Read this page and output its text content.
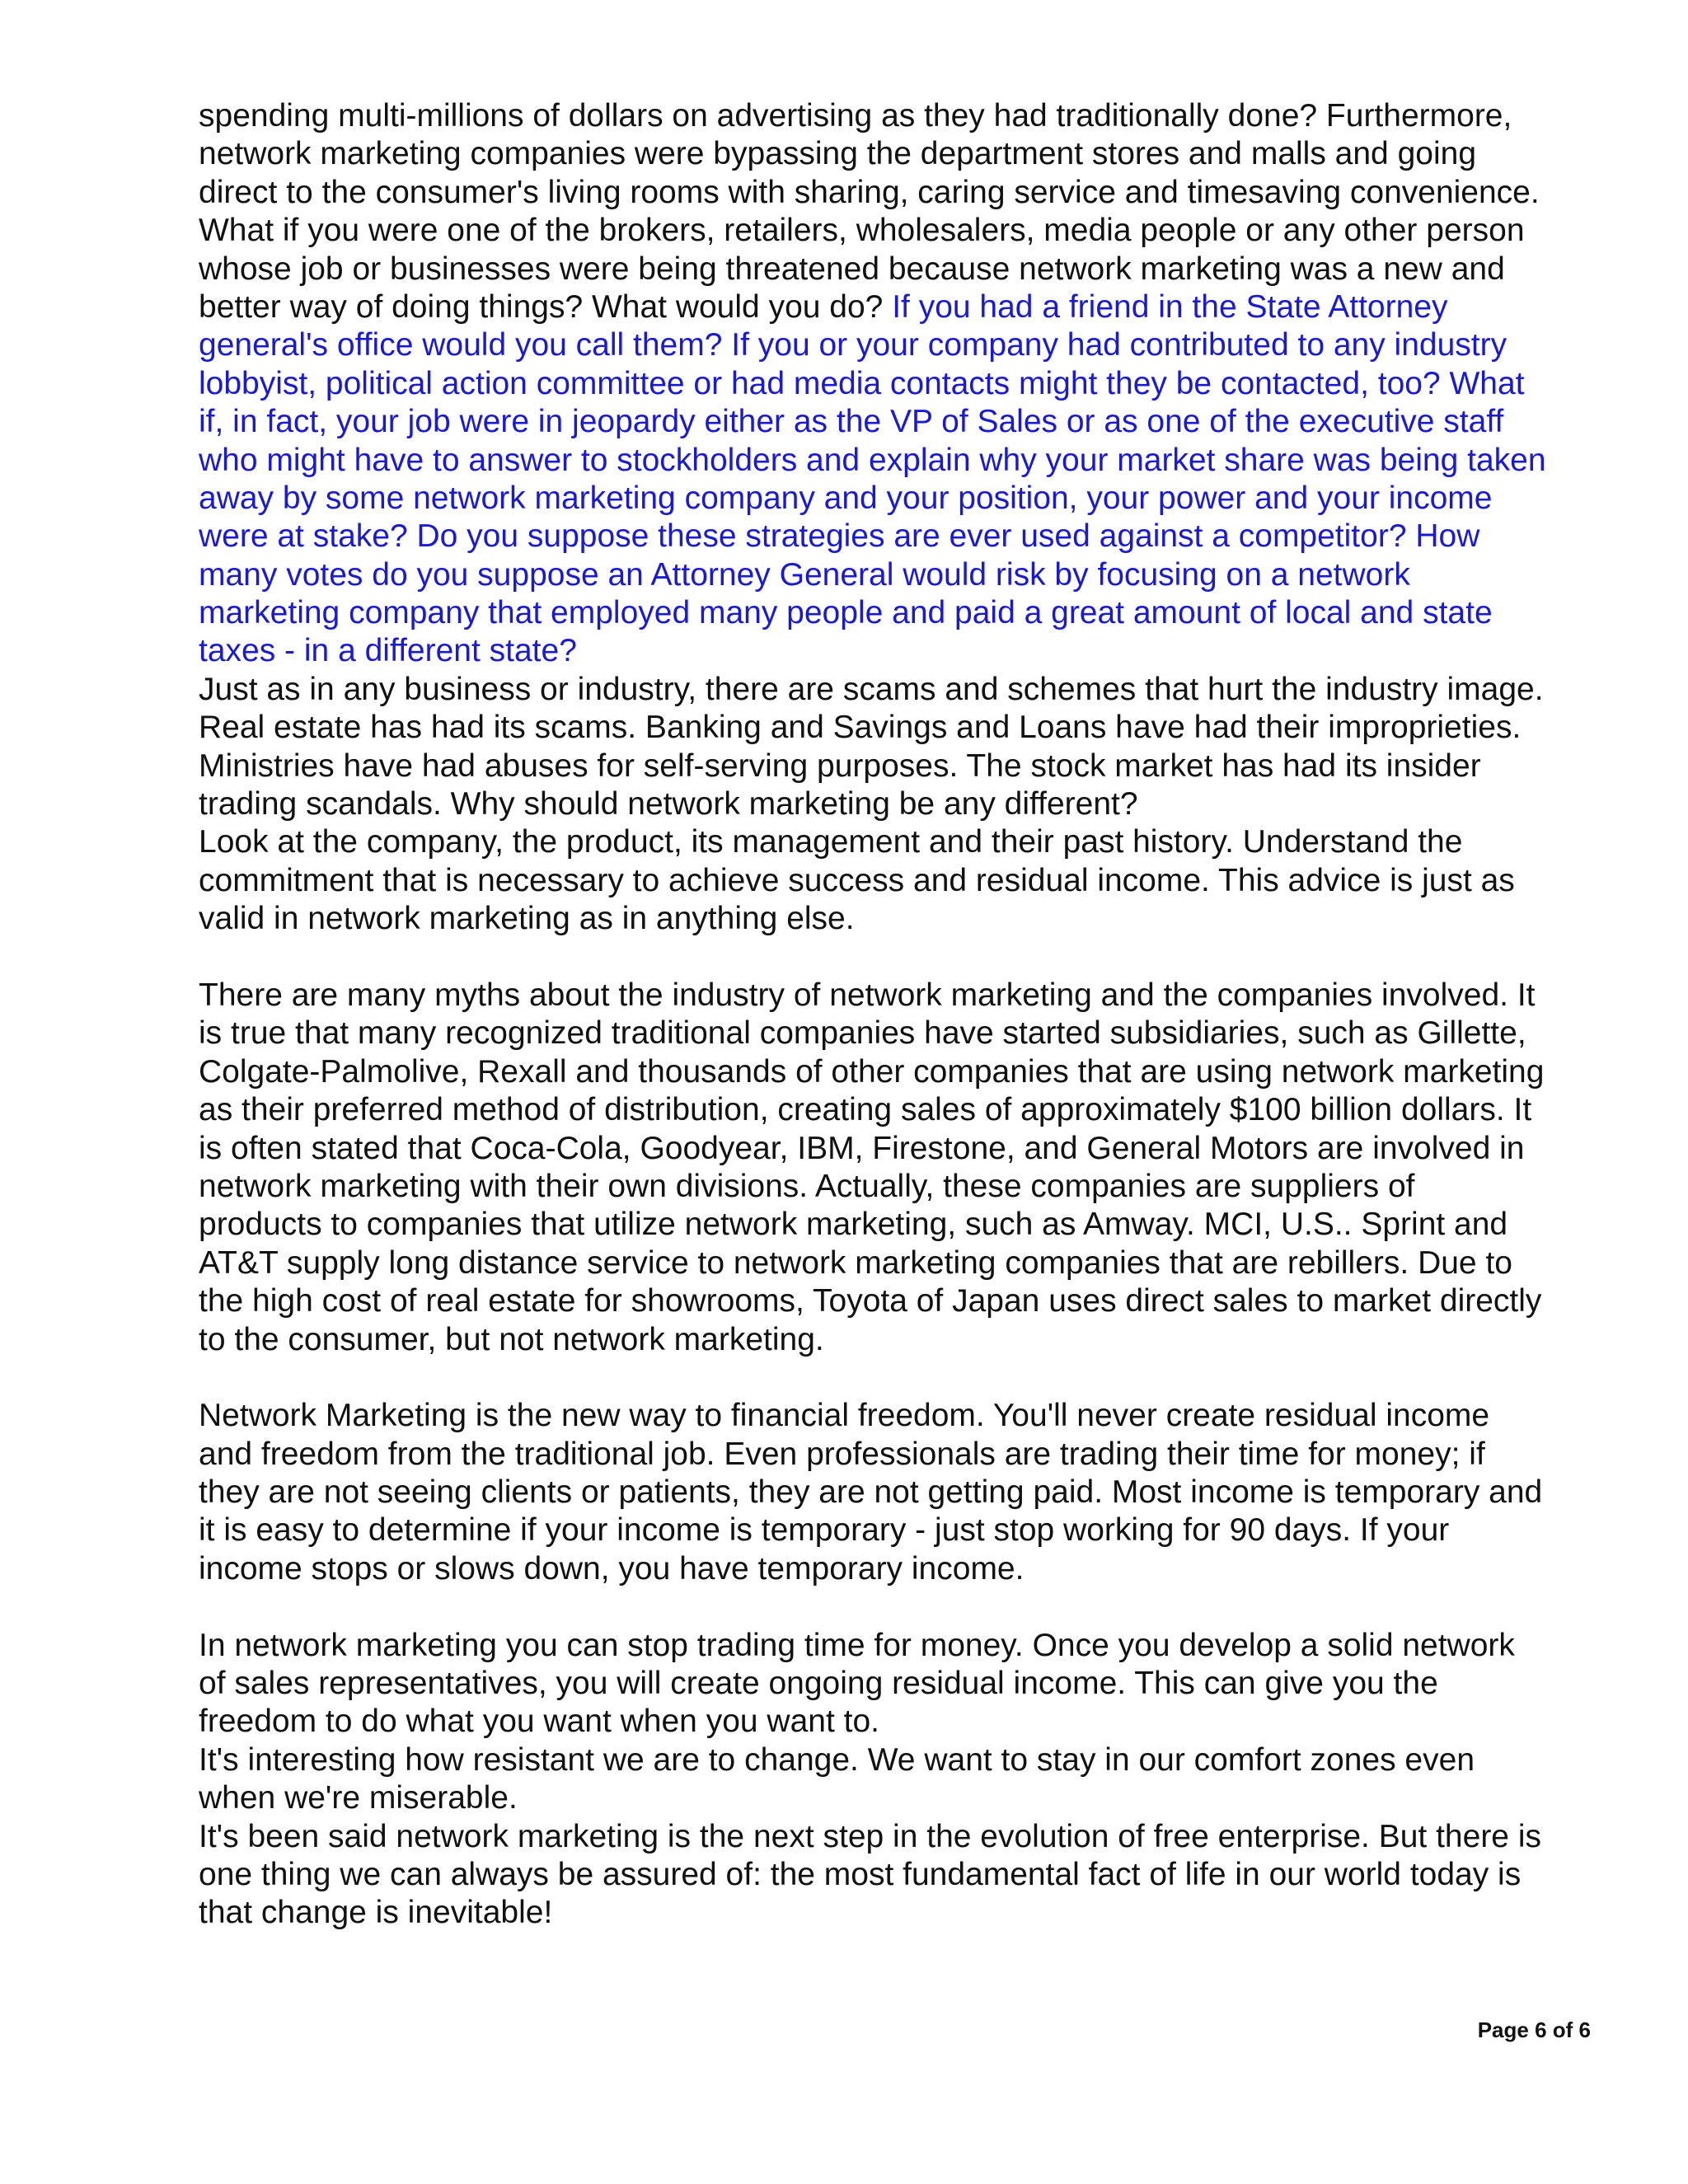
spending multi-millions of dollars on advertising as they had traditionally done? Furthermore,
network marketing companies were bypassing the department stores and malls and going
direct to the consumer's living rooms with sharing, caring service and timesaving convenience.
What if you were one of the brokers, retailers, wholesalers, media people or any other person
whose job or businesses were being threatened because network marketing was a new and
better way of doing things? What would you do? If you had a friend in the State Attorney
general's office would you call them? If you or your company had contributed to any industry
lobbyist, political action committee or had media contacts might they be contacted, too? What
if, in fact, your job were in jeopardy either as the VP of Sales or as one of the executive staff
who might have to answer to stockholders and explain why your market share was being taken
away by some network marketing company and your position, your power and your income
were at stake? Do you suppose these strategies are ever used against a competitor? How
many votes do you suppose an Attorney General would risk by focusing on a network
marketing company that employed many people and paid a great amount of local and state
taxes - in a different state?
Just as in any business or industry, there are scams and schemes that hurt the industry image.
Real estate has had its scams. Banking and Savings and Loans have had their improprieties.
Ministries have had abuses for self-serving purposes. The stock market has had its insider
trading scandals. Why should network marketing be any different?
Look at the company, the product, its management and their past history. Understand the
commitment that is necessary to achieve success and residual income. This advice is just as
valid in network marketing as in anything else.
There are many myths about the industry of network marketing and the companies involved. It
is true that many recognized traditional companies have started subsidiaries, such as Gillette,
Colgate-Palmolive, Rexall and thousands of other companies that are using network marketing
as their preferred method of distribution, creating sales of approximately $100 billion dollars. It
is often stated that Coca-Cola, Goodyear, IBM, Firestone, and General Motors are involved in
network marketing with their own divisions. Actually, these companies are suppliers of
products to companies that utilize network marketing, such as Amway. MCI, U.S.. Sprint and
AT&T supply long distance service to network marketing companies that are rebillers. Due to
the high cost of real estate for showrooms, Toyota of Japan uses direct sales to market directly
to the consumer, but not network marketing.
Network Marketing is the new way to financial freedom. You'll never create residual income
and freedom from the traditional job. Even professionals are trading their time for money; if
they are not seeing clients or patients, they are not getting paid. Most income is temporary and
it is easy to determine if your income is temporary - just stop working for 90 days. If your
income stops or slows down, you have temporary income.
In network marketing you can stop trading time for money. Once you develop a solid network
of sales representatives, you will create ongoing residual income. This can give you the
freedom to do what you want when you want to.
It's interesting how resistant we are to change. We want to stay in our comfort zones even
when we're miserable.
It's been said network marketing is the next step in the evolution of free enterprise. But there is
one thing we can always be assured of: the most fundamental fact of life in our world today is
that change is inevitable!
Page 6 of 6
